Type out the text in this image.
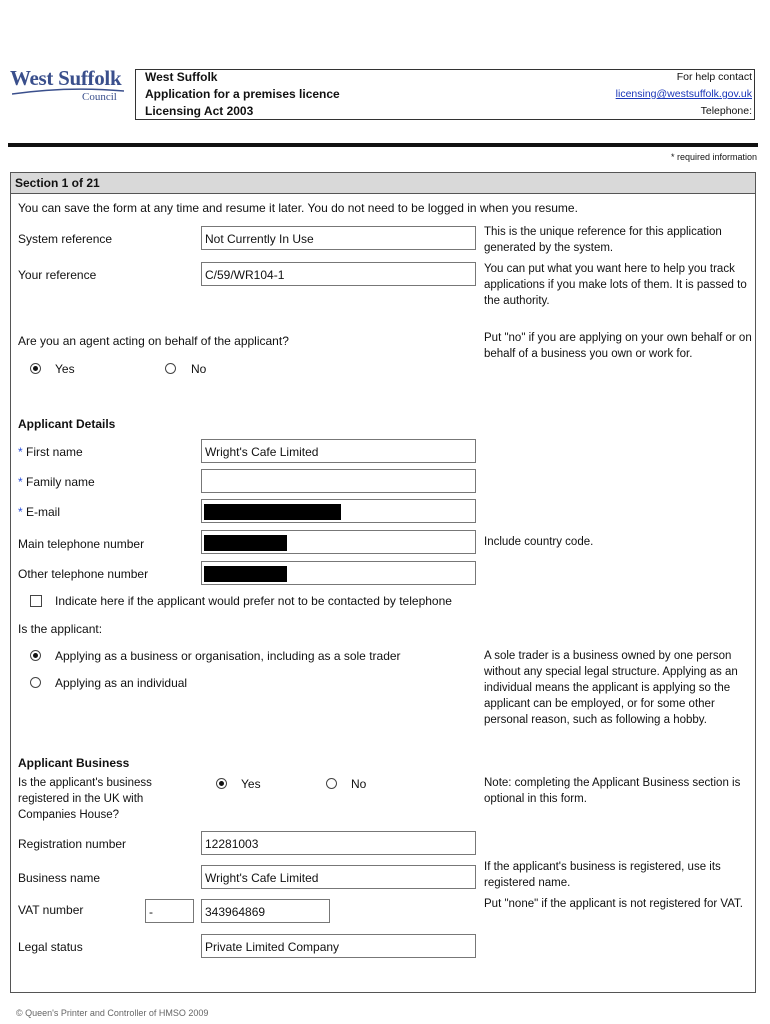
West Suffolk
Council
West Suffolk
Application for a premises licence
Licensing Act 2003
For help contact
licensing@westsuffolk.gov.uk
Telephone:
* required information
Section 1 of 21
You can save the form at any time and resume it later. You do not need to be logged in when you resume.
System reference	Not Currently In Use	This is the unique reference for this application generated by the system.
Your reference	C/59/WR104-1	You can put what you want here to help you track applications if you make lots of them. It is passed to the authority.
Are you an agent acting on behalf of the applicant?
Yes	No
Put "no" if you are applying on your own behalf or on behalf of a business you own or work for.
Applicant Details
* First name	Wright's Cafe Limited
* Family name
* E-mail
Main telephone number	Include country code.
Other telephone number
Indicate here if the applicant would prefer not to be contacted by telephone
Is the applicant:
Applying as a business or organisation, including as a sole trader
Applying as an individual
A sole trader is a business owned by one person without any special legal structure. Applying as an individual means the applicant is applying so the applicant can be employed, or for some other personal reason, such as following a hobby.
Applicant Business
Is the applicant's business registered in the UK with Companies House?
Yes	No	Note: completing the Applicant Business section is optional in this form.
Registration number	12281003
Business name	Wright's Cafe Limited
If the applicant's business is registered, use its registered name.
VAT number	-	343964869
Put "none" if the applicant is not registered for VAT.
Legal status	Private Limited Company
© Queen's Printer and Controller of HMSO 2009
